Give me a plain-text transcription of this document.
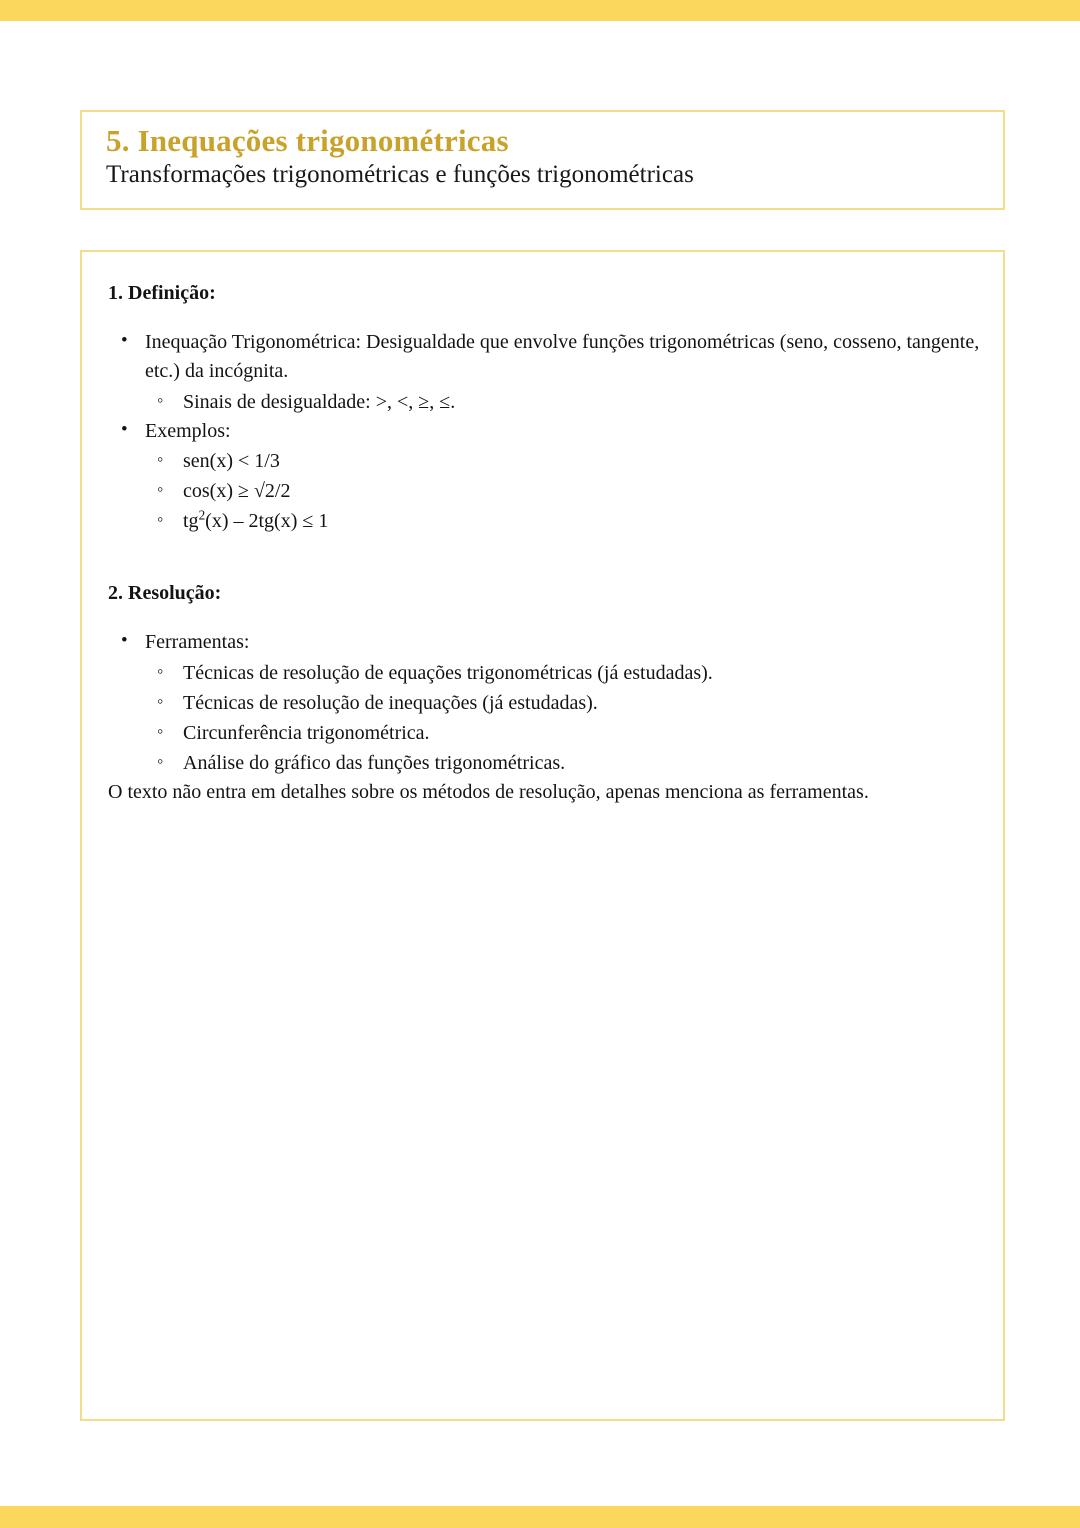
5. Inequações trigonométricas
Transformações trigonométricas e funções trigonométricas
1. Definição:
• Inequação Trigonométrica: Desigualdade que envolve funções trigonométricas (seno, cosseno, tangente, etc.) da incógnita.
◦ Sinais de desigualdade: >, <, ≥, ≤.
• Exemplos:
◦ sen(x) < 1/3
◦ cos(x) ≥ √2/2
◦ $tg^2(x) - 2tg(x) \le 1$
2. Resolução:
• Ferramentas:
◦ Técnicas de resolução de equações trigonométricas (já estudadas).
◦ Técnicas de resolução de inequações (já estudadas).
◦ Circunferência trigonométrica.
◦ Análise do gráfico das funções trigonométricas.

O texto não entra em detalhes sobre os métodos de resolução, apenas menciona as ferramentas.
